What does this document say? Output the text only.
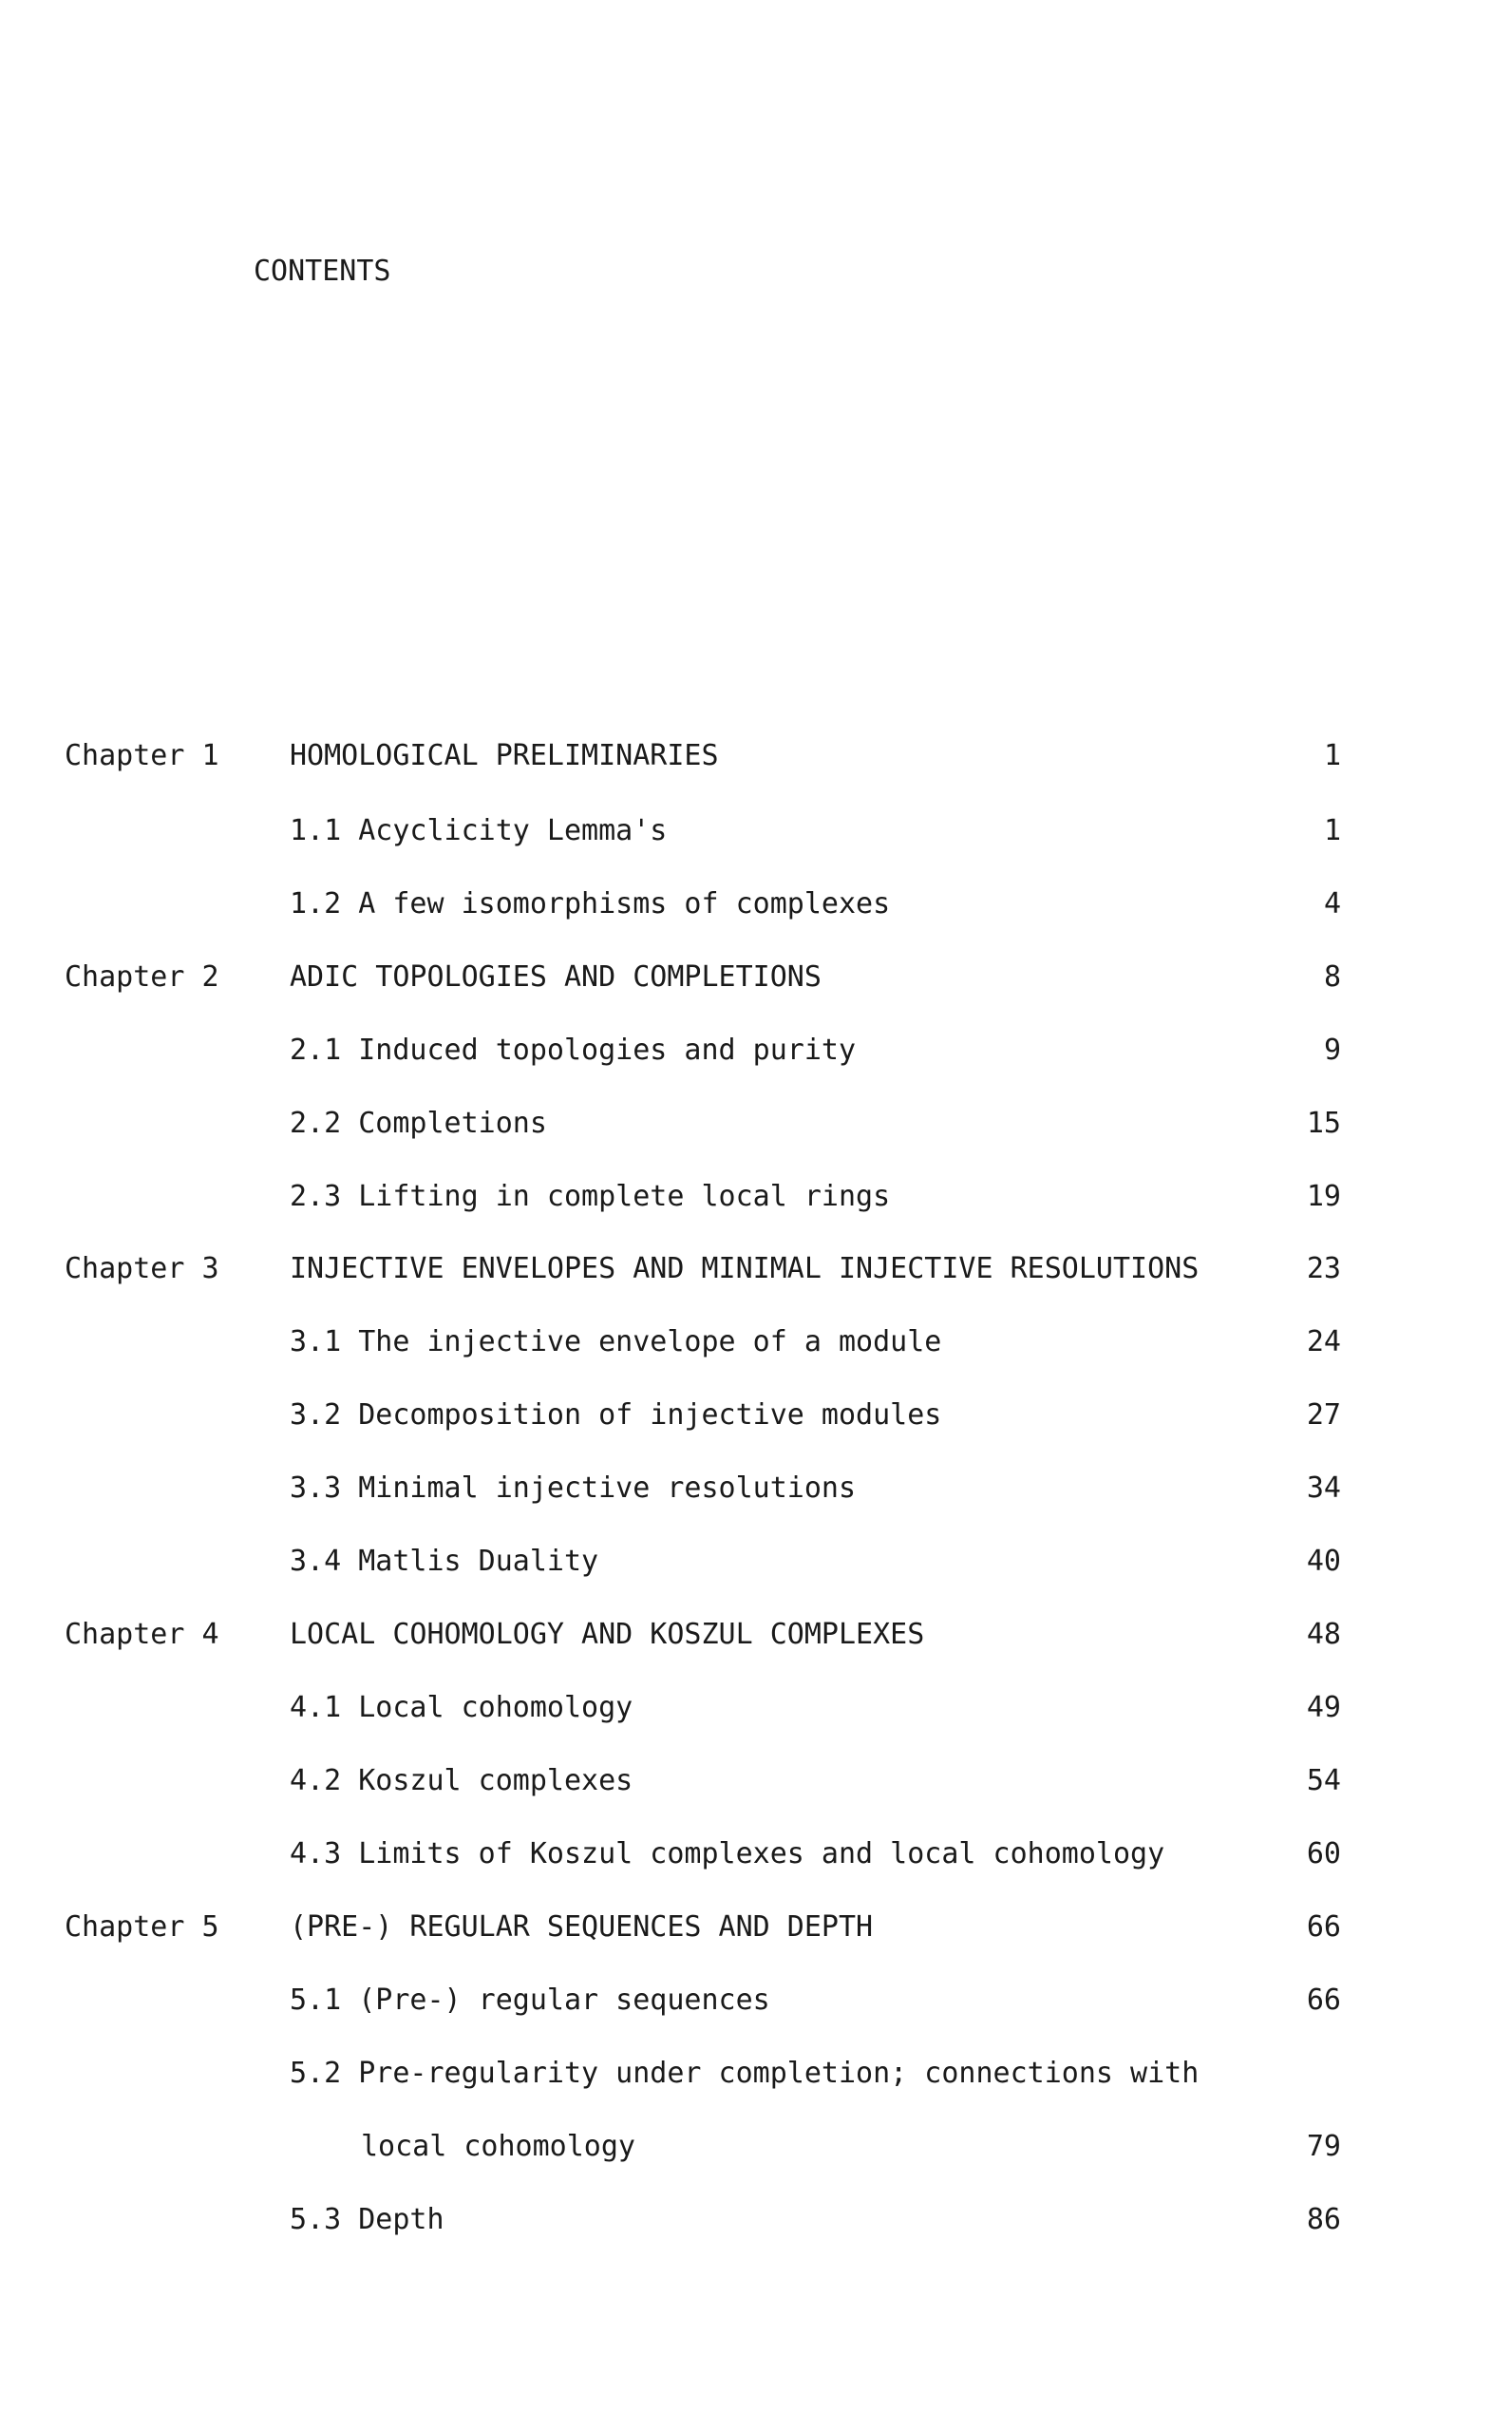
CONTENTS
Chapter 1 HOMOLOGICAL PRELIMINARIES	1
1.1 Acyclicity Lemma's	1
1.2 A few isomorphisms of complexes	4
Chapter 2 ADIC TOPOLOGIES AND COMPLETIONS	8
2.1 Induced topologies and purity	9
2.2 Completions	15
2.3 Lifting in complete local rings	19
Chapter 3 INJECTIVE ENVELOPES AND MINIMAL INJECTIVE RESOLUTIONS	23
3.1 The injective envelope of a module	24
3.2 Decomposition of injective modules	27
3.3 Minimal injective resolutions	34
3.4 Matlis Duality	40
Chapter 4 LOCAL COHOMOLOGY AND KOSZUL COMPLEXES	48
4.1 Local cohomology	49
4.2 Koszul complexes	54
4.3 Limits of Koszul complexes and local cohomology	60
Chapter 5 (PRE-) REGULAR SEQUENCES AND DEPTH	66
5.1 (Pre-) regular sequences	66
5.2 Pre-regularity under completion; connections with
local cohomology	79
5.3 Depth	86
